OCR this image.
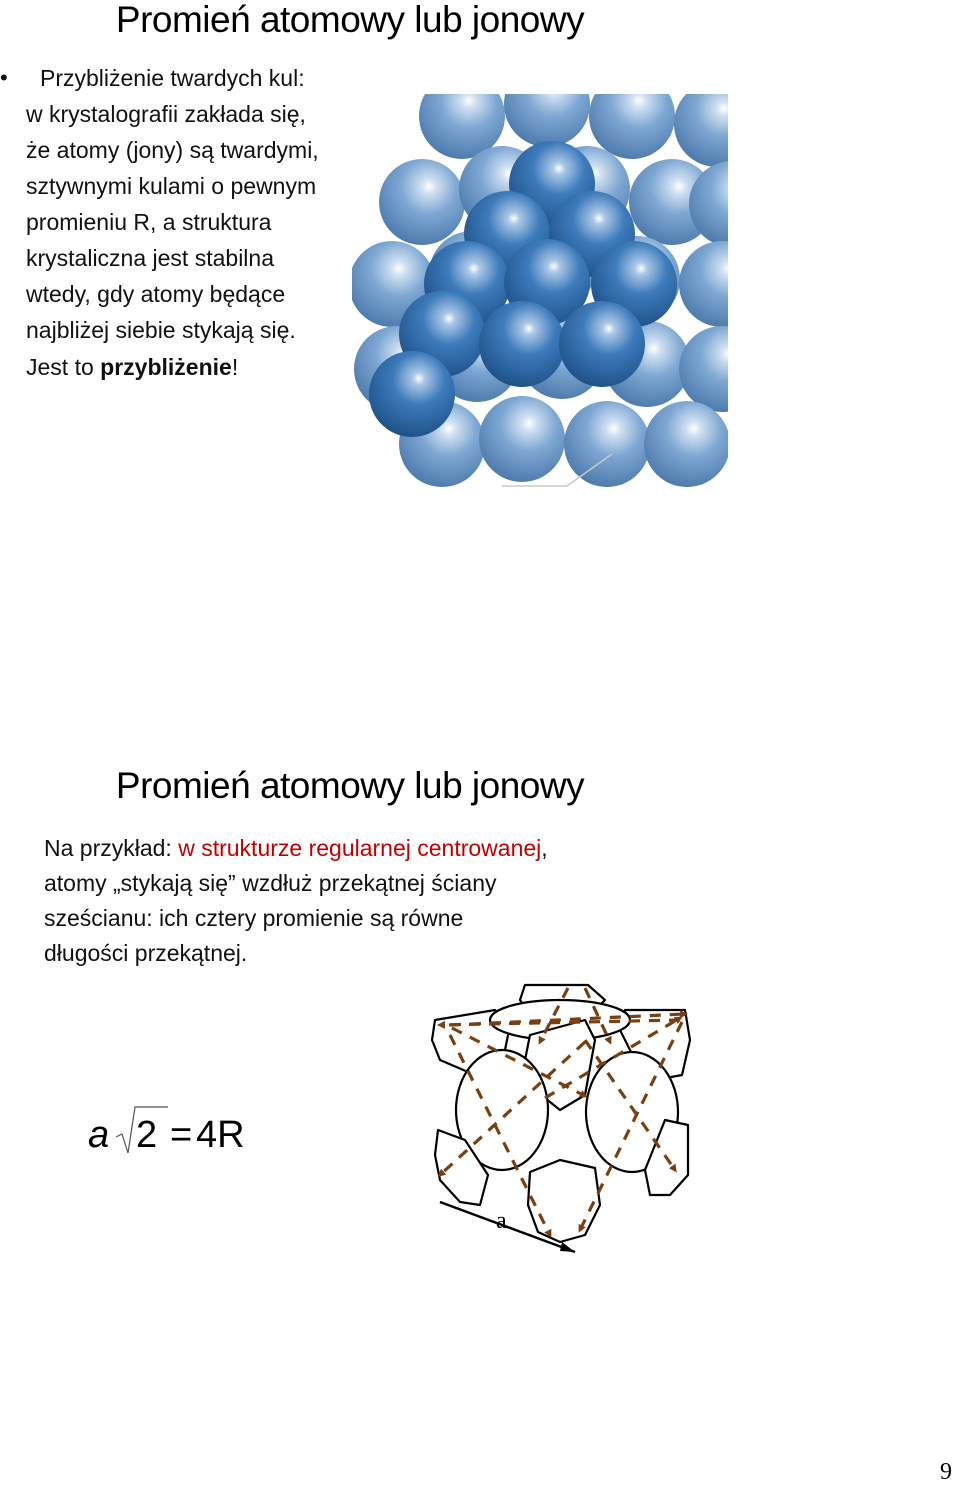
Promień atomowy lub jonowy
•	Przybliżenie twardych kul:
w krystalografii zakłada się,
że atomy (jony) są twardymi,
sztywnymi kulami o pewnym
promieniu R, a struktura
krystaliczna jest stabilna
wtedy, gdy atomy będące
najbliżej siebie stykają się.
Jest to przybliżenie!
Promień atomowy lub jonowy
Na przykład: w strukturze regularnej centrowanej,
atomy „stykają się” wzdłuż przekątnej ściany
sześcianu: ich cztery promienie są równe
długości przekątnej.
a 2 = 4R
a
9
